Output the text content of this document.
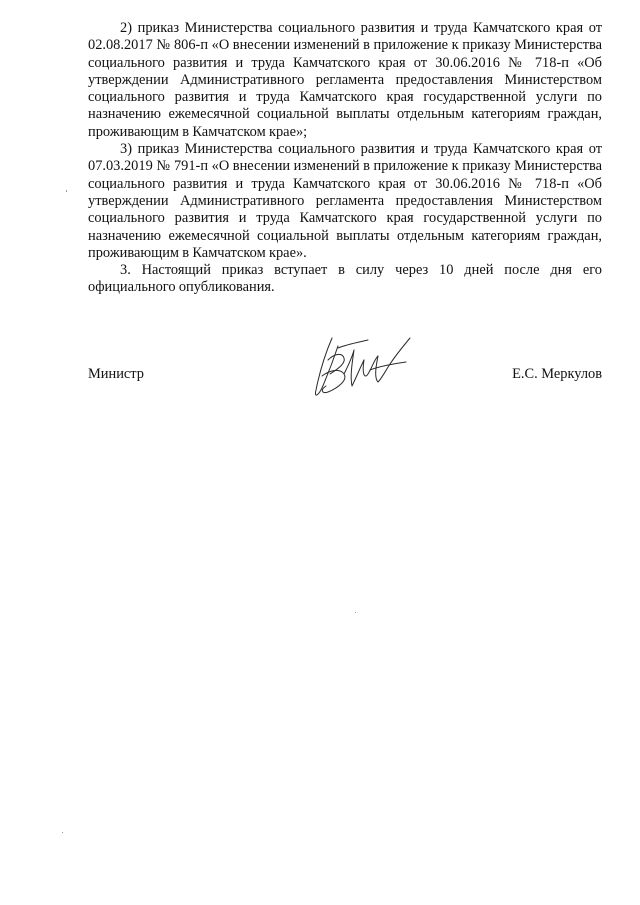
2) приказ Министерства социального развития и труда Камчатского края от 02.08.2017 № 806-п «О внесении изменений в приложение к приказу Министерства социального развития и труда Камчатского края от 30.06.2016 № 718-п «Об утверждении Административного регламента предоставления Министерством социального развития и труда Камчатского края государственной услуги по назначению ежемесячной социальной выплаты отдельным категориям граждан, проживающим в Камчатском крае»;

3) приказ Министерства социального развития и труда Камчатского края от 07.03.2019 № 791-п «О внесении изменений в приложение к приказу Министерства социального развития и труда Камчатского края от 30.06.2016 № 718-п «Об утверждении Административного регламента предоставления Министерством социального развития и труда Камчатского края государственной услуги по назначению ежемесячной социальной выплаты отдельным категориям граждан, проживающим в Камчатском крае».

3. Настоящий приказ вступает в силу через 10 дней после дня его официального опубликования.

Министр	Е.С. Меркулов
